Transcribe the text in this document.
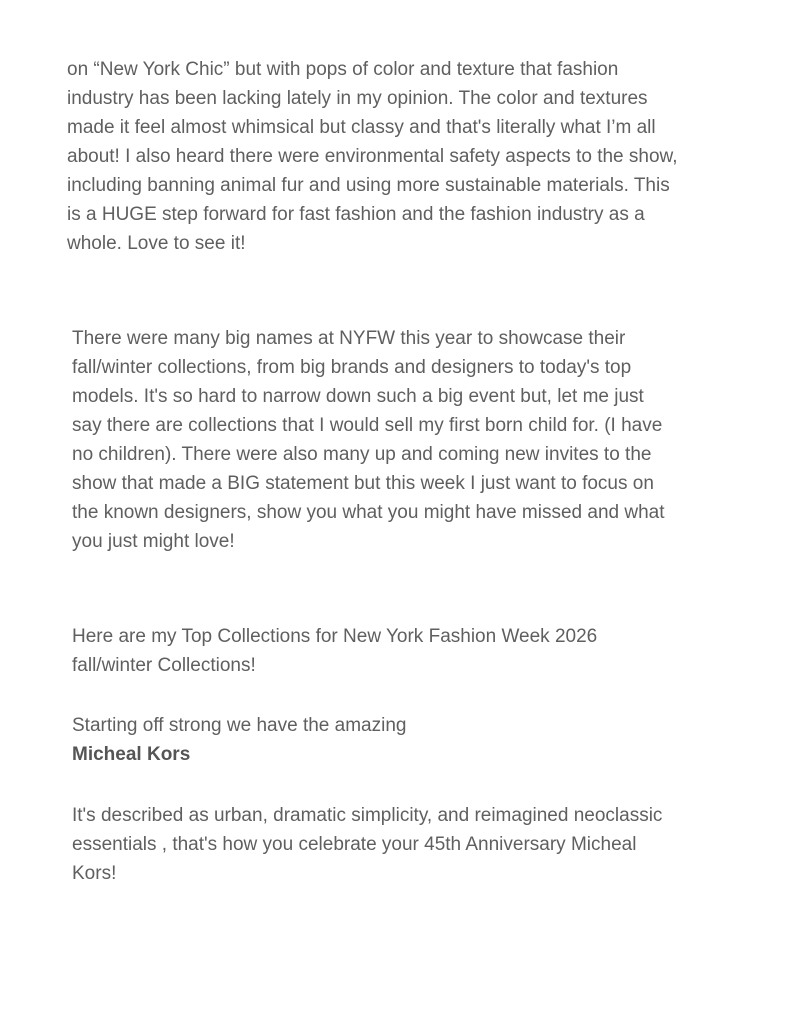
on “New York Chic” but with pops of color and texture that fashion
industry has been lacking lately in my opinion. The color and textures
made it feel almost whimsical but classy and that's literally what I’m all
about! I also heard there were environmental safety aspects to the show,
including banning animal fur and using more sustainable materials. This
is a HUGE step forward for fast fashion and the fashion industry as a
whole. Love to see it!

There were many big names at NYFW this year to showcase their
fall/winter collections, from big brands and designers to today's top
models. It's so hard to narrow down such a big event but, let me just
say there are collections that I would sell my first born child for. (I have
no children). There were also many up and coming new invites to the
show that made a BIG statement but this week I just want to focus on
the known designers, show you what you might have missed and what
you just might love!

Here are my Top Collections for New York Fashion Week 2026
fall/winter Collections!

Starting off strong we have the amazing
Micheal Kors

It's described as urban, dramatic simplicity, and reimagined neoclassic
essentials , that's how you celebrate your 45th Anniversary Micheal
Kors!
